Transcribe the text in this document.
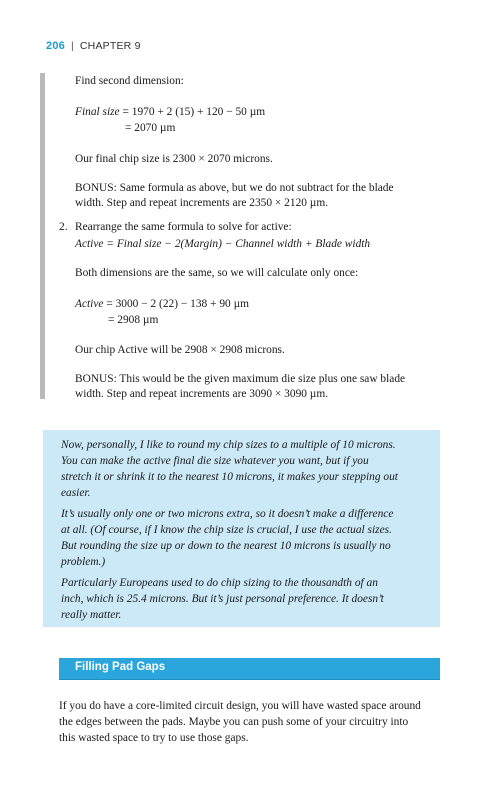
206 | CHAPTER 9
Find second dimension:
Final size = 1970 + 2 (15) + 120 − 50 µm
= 2070 µm
Our final chip size is 2300 × 2070 microns.
BONUS: Same formula as above, but we do not subtract for the blade
width. Step and repeat increments are 2350 × 2120 µm.
2. Rearrange the same formula to solve for active:
Active = Final size − 2(Margin) − Channel width + Blade width
Both dimensions are the same, so we will calculate only once:
Active = 3000 − 2 (22) − 138 + 90 µm
= 2908 µm
Our chip Active will be 2908 × 2908 microns.
BONUS: This would be the given maximum die size plus one saw blade
width. Step and repeat increments are 3090 × 3090 µm.
Now, personally, I like to round my chip sizes to a multiple of 10 microns.
You can make the active final die size whatever you want, but if you
stretch it or shrink it to the nearest 10 microns, it makes your stepping out
easier.
It’s usually only one or two microns extra, so it doesn’t make a difference
at all. (Of course, if I know the chip size is crucial, I use the actual sizes.
But rounding the size up or down to the nearest 10 microns is usually no
problem.)
Particularly Europeans used to do chip sizing to the thousandth of an
inch, which is 25.4 microns. But it’s just personal preference. It doesn’t
really matter.
Filling Pad Gaps
If you do have a core-limited circuit design, you will have wasted space around
the edges between the pads. Maybe you can push some of your circuitry into
this wasted space to try to use those gaps.
